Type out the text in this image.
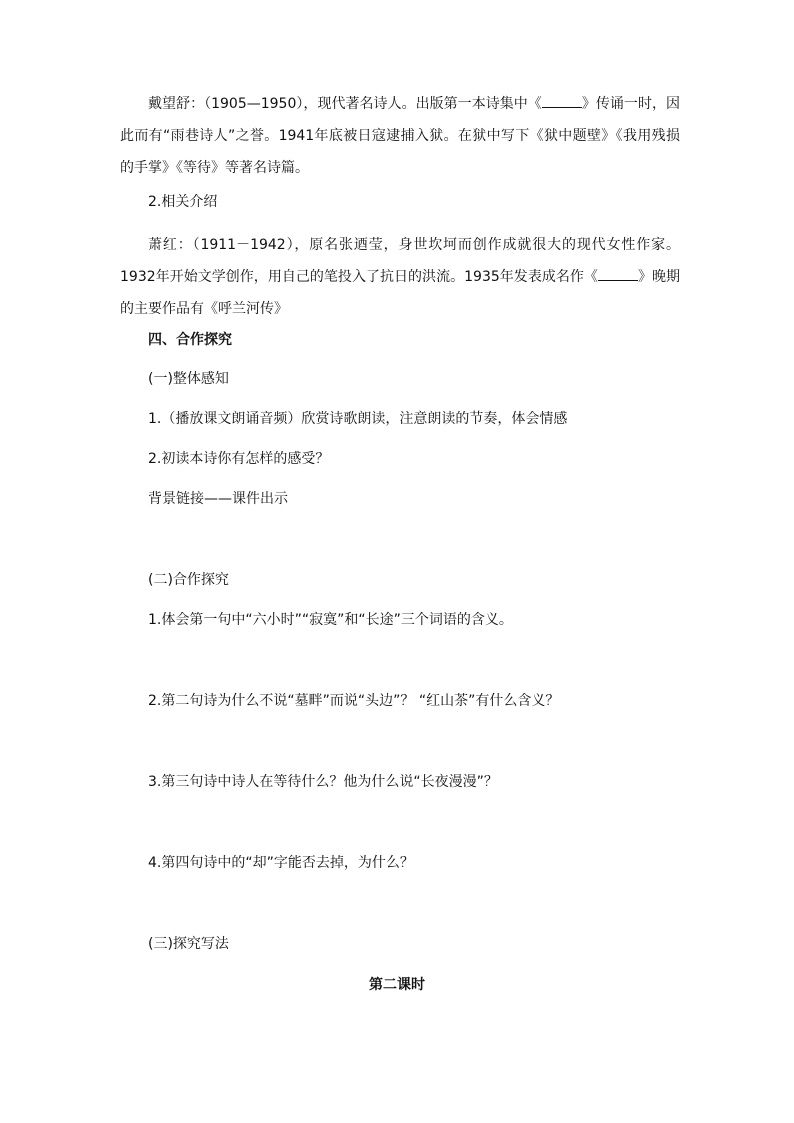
戴望舒：（1905—1950），现代著名诗人。出版第一本诗集中《	》传诵一时，因此而有“雨巷诗人”之誉。1941年底被日寇逮捕入狱。在狱中写下《狱中题壁》《我用残损的手掌》《等待》等著名诗篇。
2.相关介绍
萧红：（1911－1942），原名张迺莹，身世坎坷而创作成就很大的现代女性作家。1932年开始文学创作，用自己的笔投入了抗日的洪流。1935年发表成名作《	》晚期的主要作品有《呼兰河传》
四、合作探究
(一)整体感知
1.（播放课文朗诵音频）欣赏诗歌朗读，注意朗读的节奏，体会情感
2.初读本诗你有怎样的感受？
背景链接——课件出示
(二)合作探究
1.体会第一句中“六小时”“寂寞”和“长途”三个词语的含义。
2.第二句诗为什么不说“墓畔”而说“头边”？ “红山茶”有什么含义？
3.第三句诗中诗人在等待什么？他为什么说“长夜漫漫”？
4.第四句诗中的“却”字能否去掉，为什么？
(三)探究写法
第二课时
